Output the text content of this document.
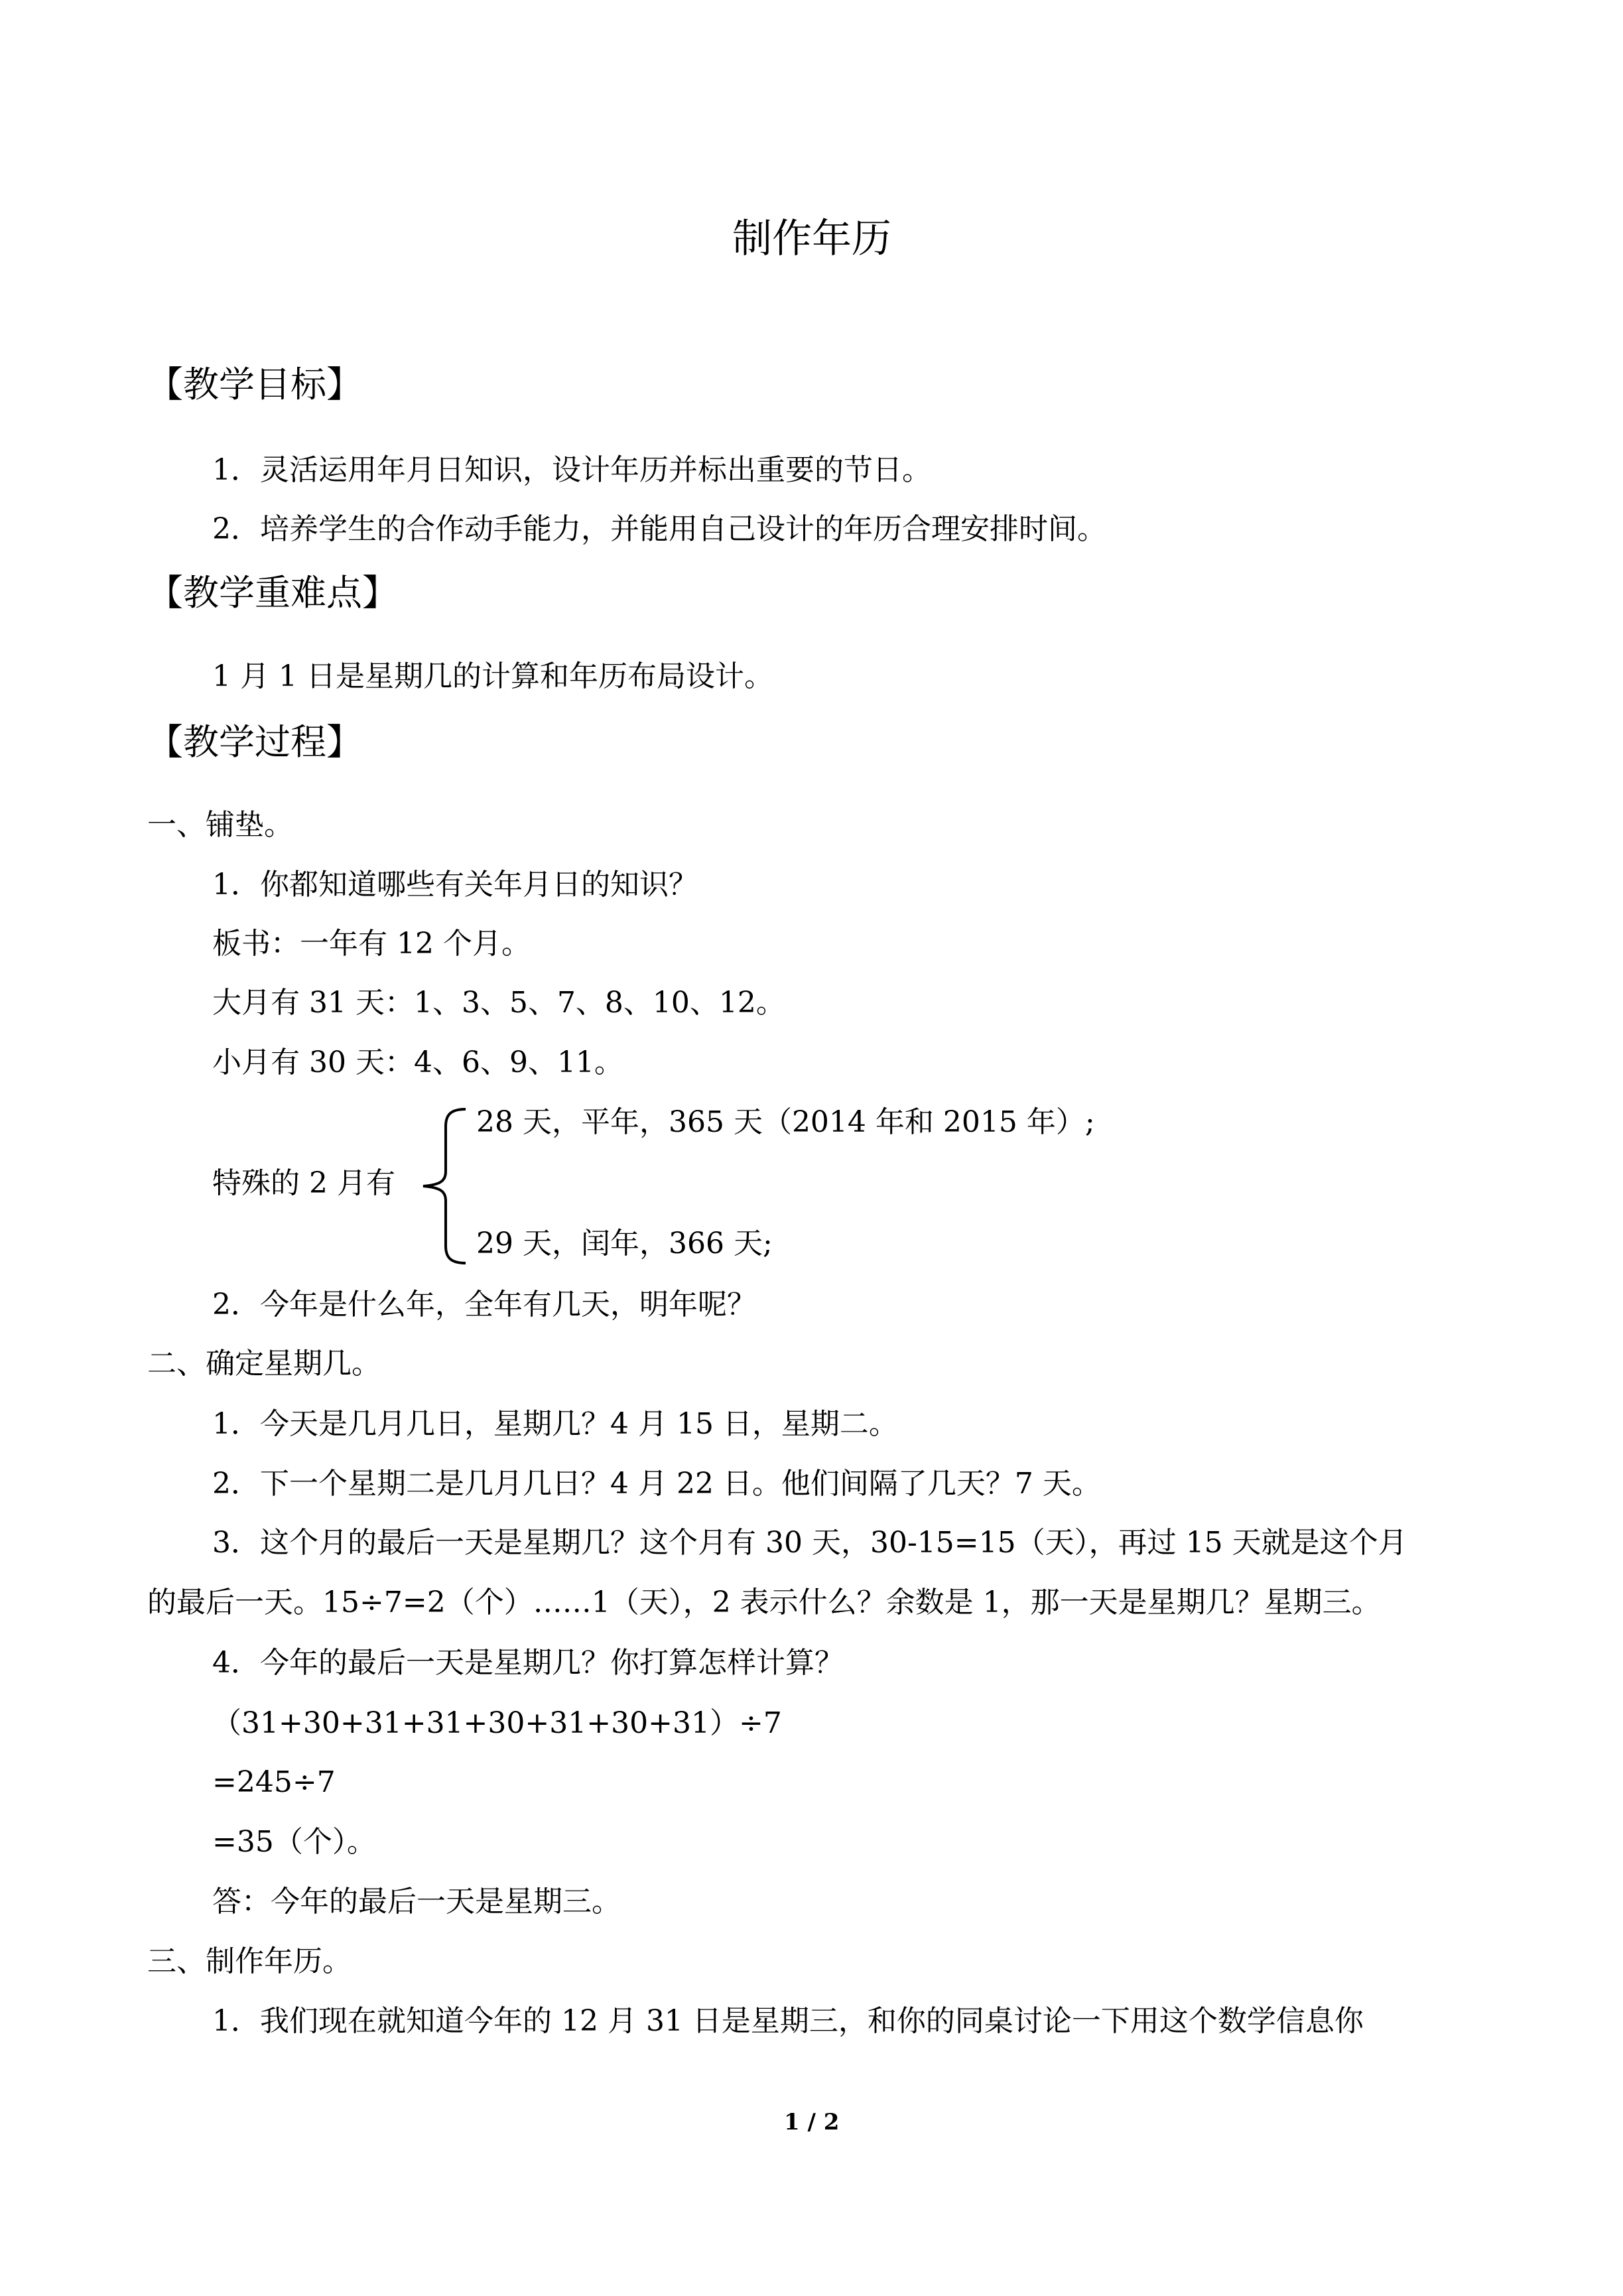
制作年历
【教学目标】
1．灵活运用年月日知识，设计年历并标出重要的节日。
2．培养学生的合作动手能力，并能用自己设计的年历合理安排时间。
【教学重难点】
1 月 1 日是星期几的计算和年历布局设计。
【教学过程】
一、铺垫。
1．你都知道哪些有关年月日的知识？
板书：一年有 12 个月。
大月有 31 天：1、3、5、7、8、10、12。
小月有 30 天：4、6、9、11。
28 天，平年，365 天（2014 年和 2015 年）;
特殊的 2 月有
29 天，闰年，366 天;
2．今年是什么年，全年有几天，明年呢？
二、确定星期几。
1．今天是几月几日，星期几？4 月 15 日，星期二。
2．下一个星期二是几月几日？4 月 22 日。他们间隔了几天？7 天。
3．这个月的最后一天是星期几？这个月有 30 天，30-15=15（天），再过 15 天就是这个月
的最后一天。15÷7=2（个）……1（天），2 表示什么？余数是 1，那一天是星期几？星期三。
4．今年的最后一天是星期几？你打算怎样计算？
（31+30+31+31+30+31+30+31）÷7
=245÷7
=35（个）。
答：今年的最后一天是星期三。
三、制作年历。
1．我们现在就知道今年的 12 月 31 日是星期三，和你的同桌讨论一下用这个数学信息你
1 / 2
